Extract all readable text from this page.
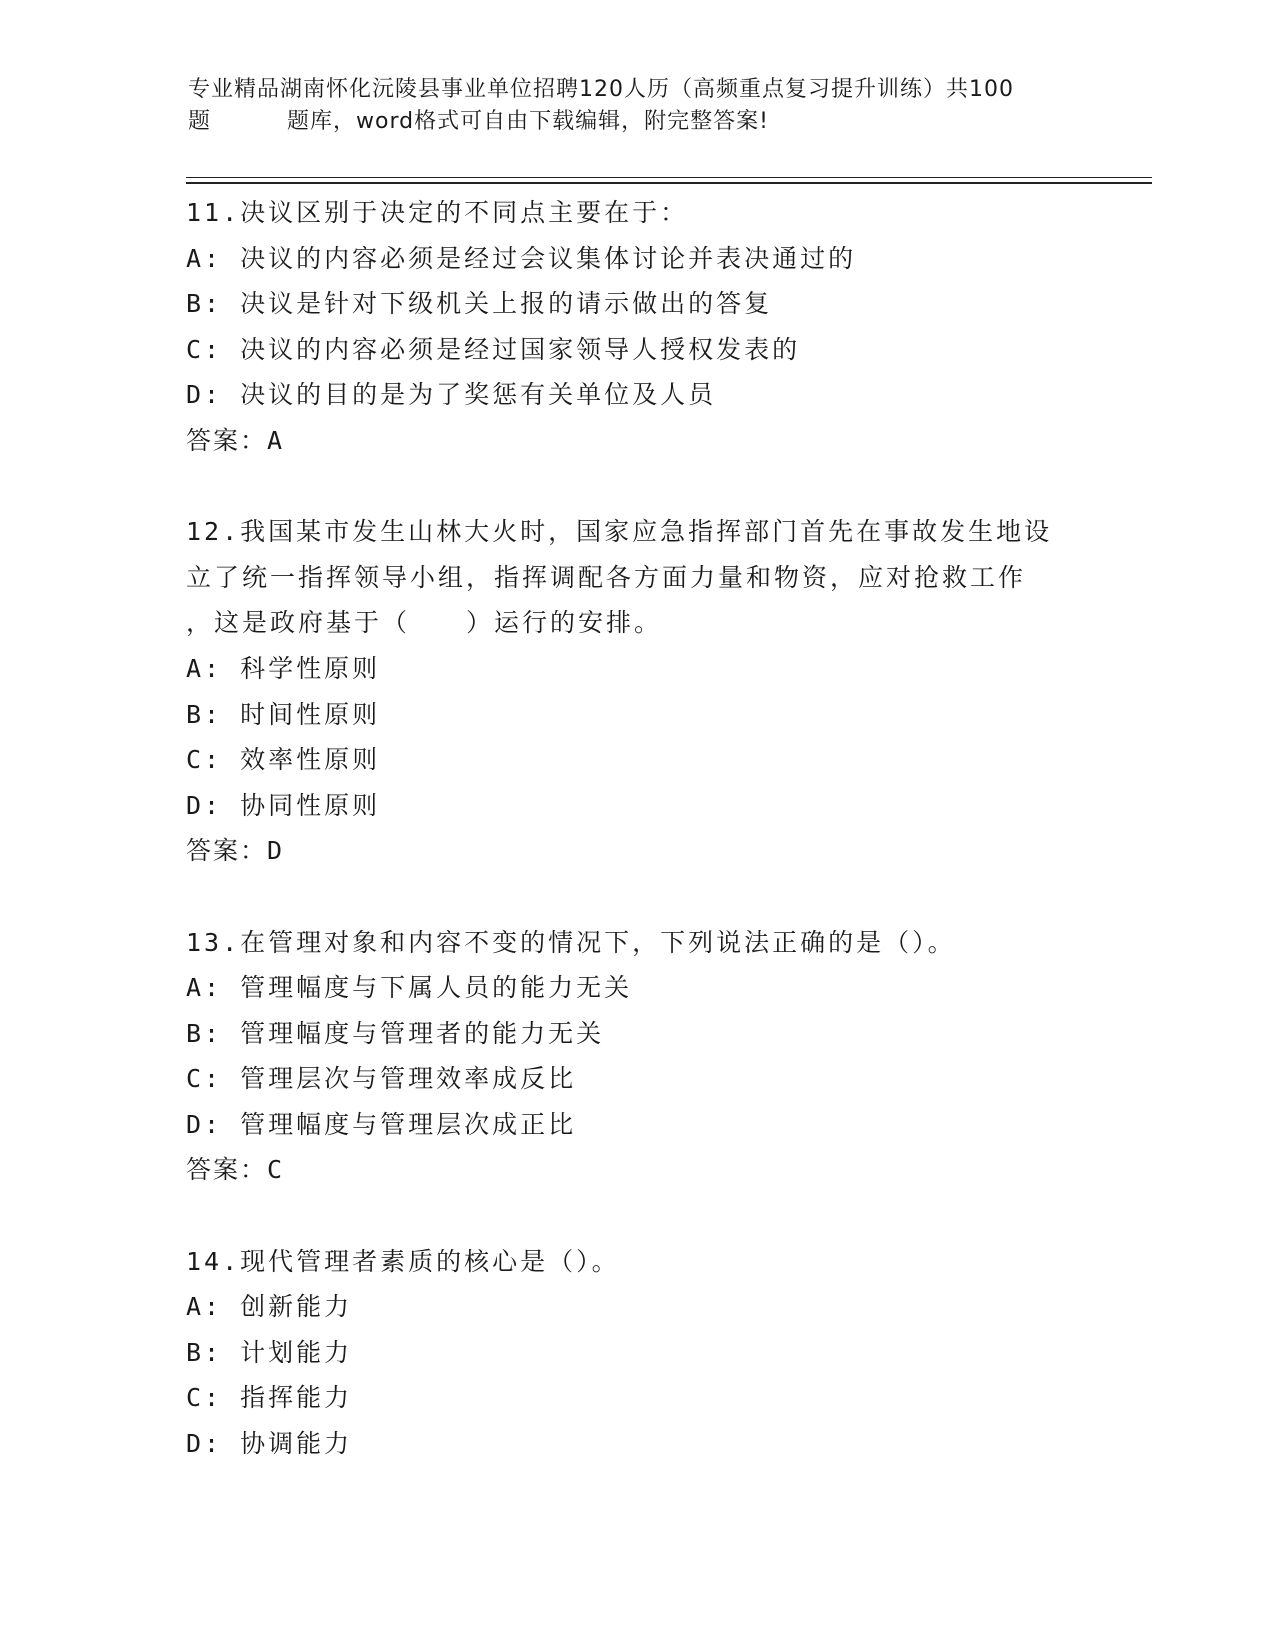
专业精品湖南怀化沅陵县事业单位招聘120人历（高频重点复习提升训练）共100
题	题库，word格式可自由下载编辑，附完整答案!
11.决议区别于决定的不同点主要在于：
A: 决议的内容必须是经过会议集体讨论并表决通过的
B: 决议是针对下级机关上报的请示做出的答复
C: 决议的内容必须是经过国家领导人授权发表的
D: 决议的目的是为了奖惩有关单位及人员
答案：A
12.我国某市发生山林大火时，国家应急指挥部门首先在事故发生地设
立了统一指挥领导小组，指挥调配各方面力量和物资，应对抢救工作
，这是政府基于（　　）运行的安排。
A: 科学性原则
B: 时间性原则
C: 效率性原则
D: 协同性原则
答案：D
13.在管理对象和内容不变的情况下，下列说法正确的是（）。
A: 管理幅度与下属人员的能力无关
B: 管理幅度与管理者的能力无关
C: 管理层次与管理效率成反比
D: 管理幅度与管理层次成正比
答案：C
14.现代管理者素质的核心是（）。
A: 创新能力
B: 计划能力
C: 指挥能力
D: 协调能力
